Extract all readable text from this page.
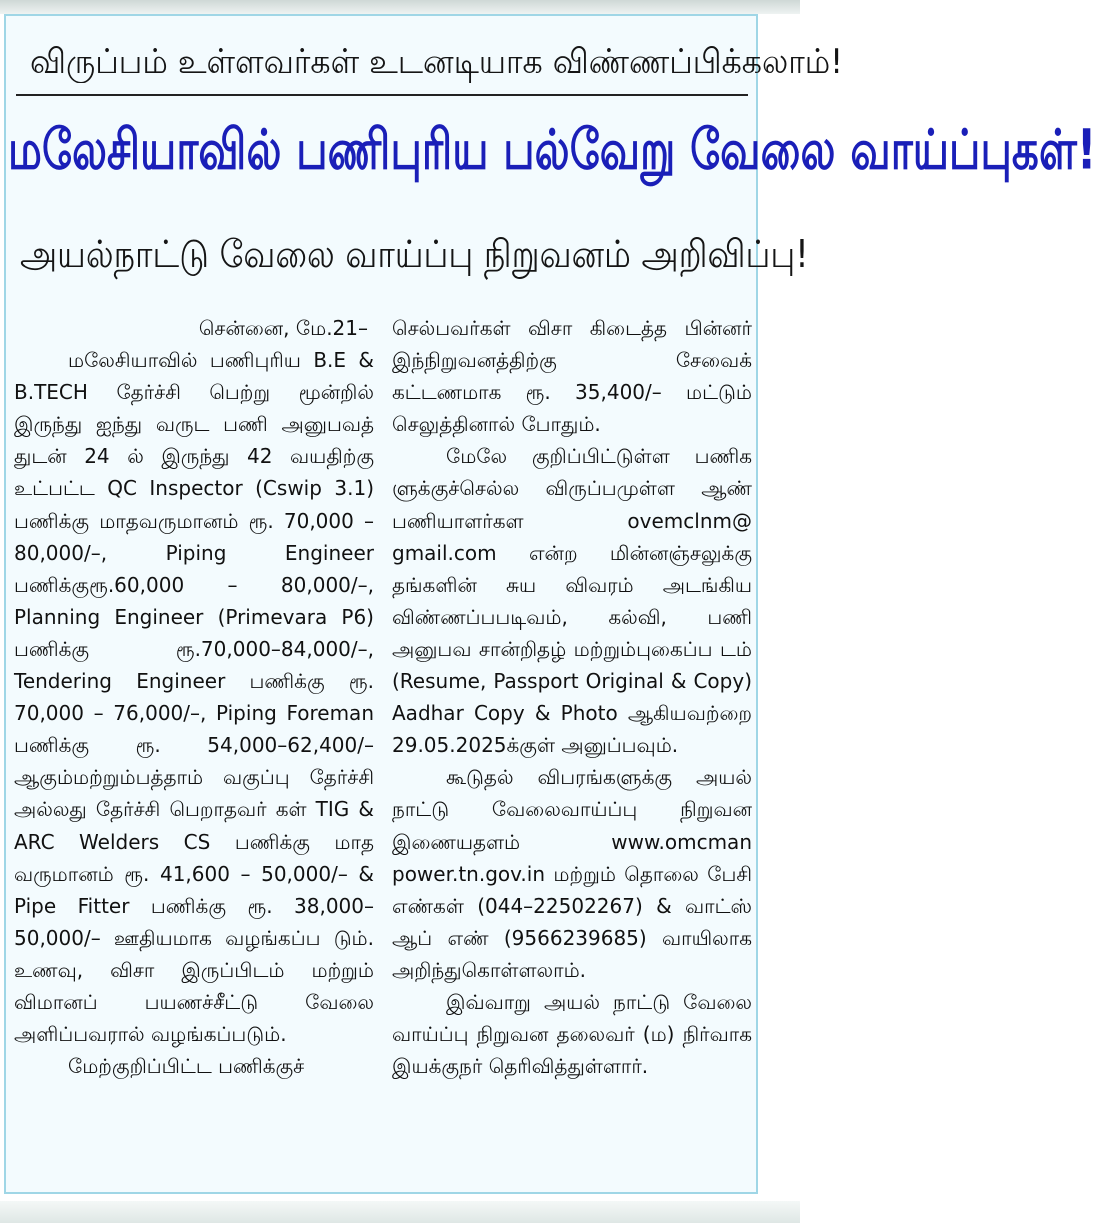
விருப்பம் உள்ளவர்கள் உடனடியாக விண்ணப்பிக்கலாம்!
மலேசியாவில் பணிபுரிய பல்வேறு வேலை வாய்ப்புகள்!
அயல்நாட்டு வேலை வாய்ப்பு நிறுவனம் அறிவிப்பு!

சென்னை, மே.21–

மலேசியாவில் பணிபுரிய B.E & B.TECH தேர்ச்சி பெற்று மூன்றில் இருந்து ஐந்து வருட பணி அனுபவத் துடன் 24 ல் இருந்து 42 வயதிற்கு உட்பட்ட QC Inspector (Cswip 3.1) பணிக்கு மாதவருமானம் ரூ. 70,000 – 80,000/–, Piping Engineer பணிக்குரூ.60,000 – 80,000/–, Planning Engineer (Primevara P6) பணிக்கு ரூ.70,000–84,000/–, Tendering Engineer பணிக்கு ரூ. 70,000 – 76,000/–, Piping Foreman பணிக்கு ரூ. 54,000–62,400/– ஆகும்மற்றும்பத்தாம் வகுப்பு தேர்ச்சி அல்லது தேர்ச்சி பெறாதவர் கள் TIG & ARC Welders CS பணிக்கு மாத வருமானம் ரூ. 41,600 – 50,000/– & Pipe Fitter பணிக்கு ரூ. 38,000– 50,000/– ஊதியமாக வழங்கப்ப டும். உணவு, விசா இருப்பிடம் மற்றும் விமானப் பயணச்சீட்டு வேலை அளிப்பவரால் வழங்கப்படும்.

மேற்குறிப்பிட்ட பணிக்குச்

செல்பவர்கள் விசா கிடைத்த பின்னர் இந்நிறுவனத்திற்கு சேவைக் கட்டணமாக ரூ. 35,400/– மட்டும் செலுத்தினால் போதும்.

மேலே குறிப்பிட்டுள்ள பணிக ளுக்குச்செல்ல விருப்பமுள்ள ஆண் பணியாளர்கள ovemclnm@ gmail.com என்ற மின்னஞ்சலுக்கு தங்களின் சுய விவரம் அடங்கிய விண்ணப்பபடிவம், கல்வி, பணி அனுபவ சான்றிதழ் மற்றும்புகைப்ப டம் (Resume, Passport Original & Copy) Aadhar Copy & Photo ஆகியவற்றை 29.05.2025க்குள் அனுப்பவும்.

கூடுதல் விபரங்களுக்கு அயல் நாட்டு வேலைவாய்ப்பு நிறுவன இணையதளம் www.omcman power.tn.gov.in மற்றும் தொலை பேசி எண்கள் (044–22502267) & வாட்ஸ் ஆப் எண் (9566239685) வாயிலாக அறிந்துகொள்ளலாம்.

இவ்வாறு அயல் நாட்டு வேலை வாய்ப்பு நிறுவன தலைவர் (ம) நிர்வாக இயக்குநர் தெரிவித்துள்ளார்.
